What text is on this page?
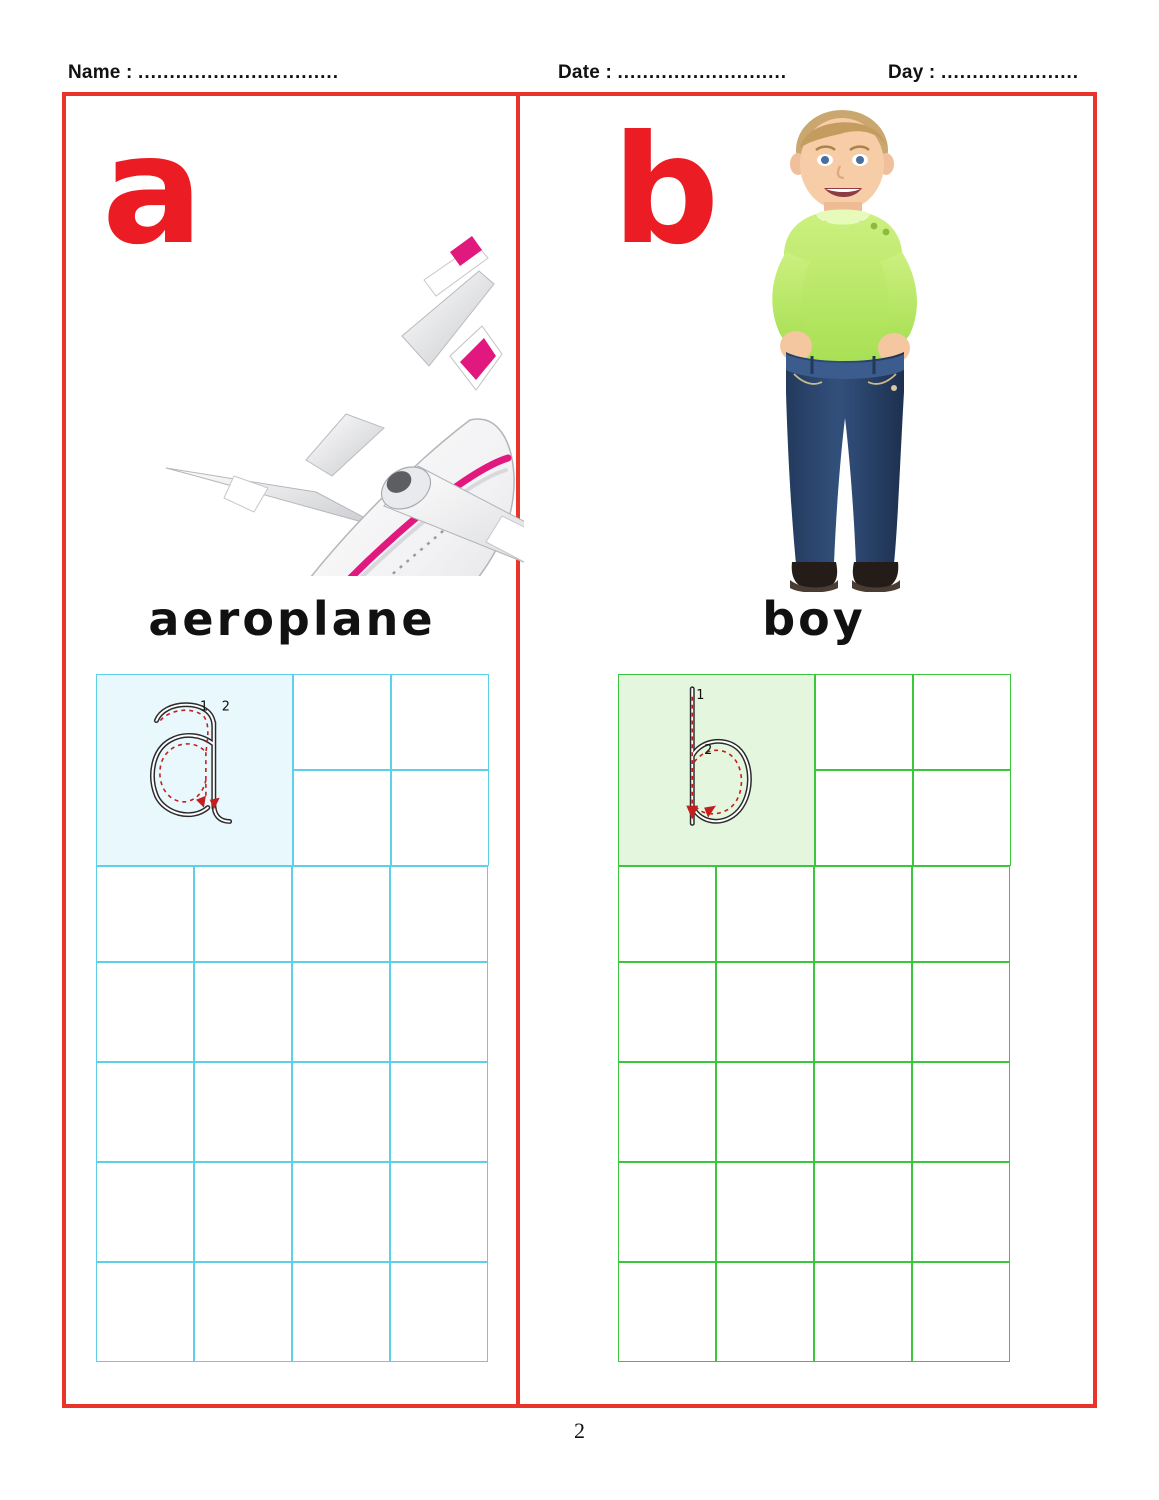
Name : ................................	Date : ...........................	Day : ......................
a
aeroplane
1 2
b
boy
1
2
2
